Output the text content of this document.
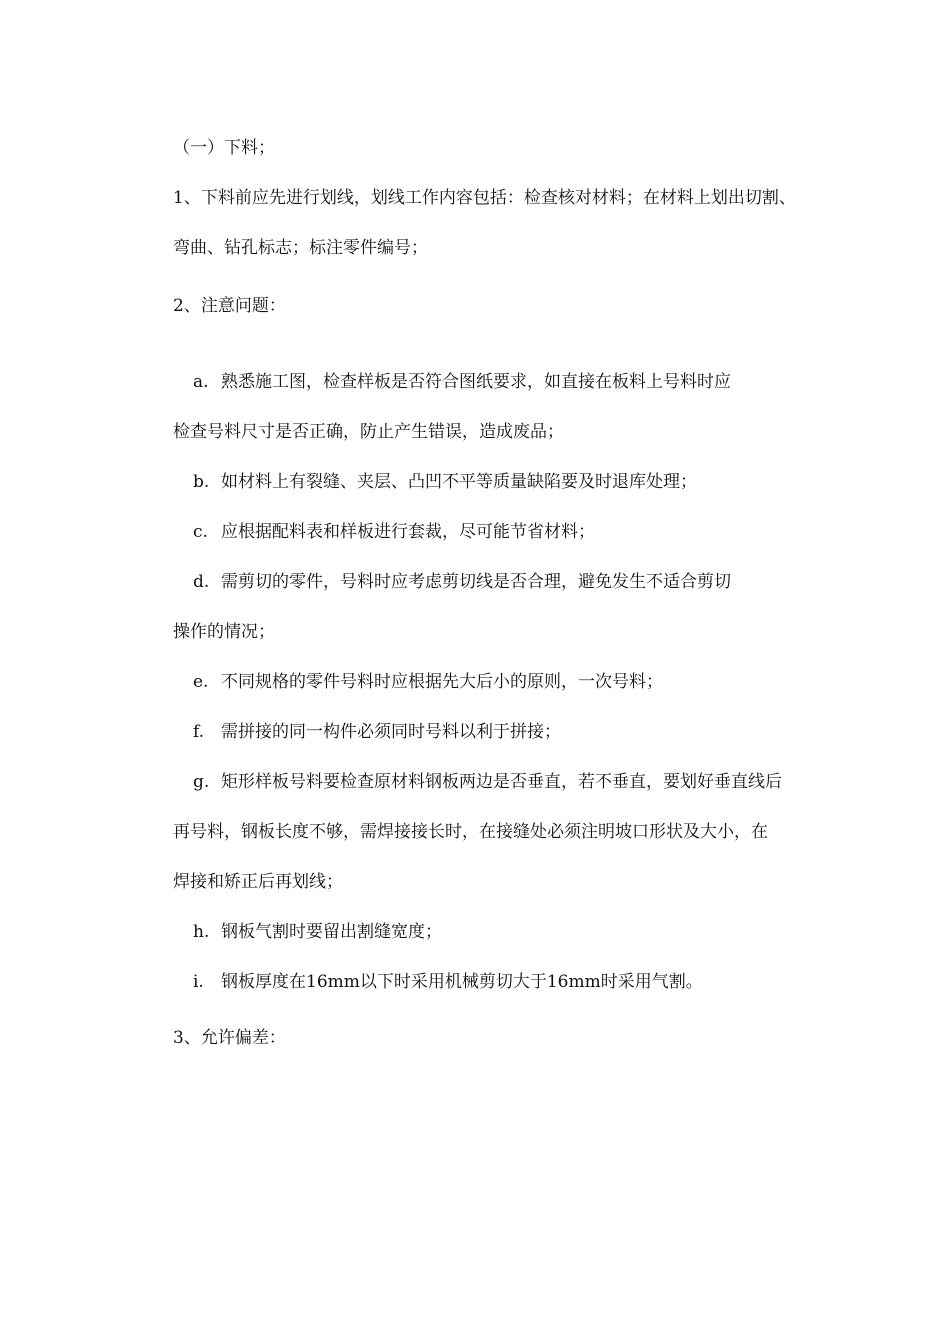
（一）下料；
1、下料前应先进行划线，划线工作内容包括：检查核对材料；在材料上划出切割、
弯曲、钻孔标志；标注零件编号；
2、注意问题：
a. 熟悉施工图，检查样板是否符合图纸要求，如直接在板料上号料时应
检查号料尺寸是否正确，防止产生错误，造成废品；
b. 如材料上有裂缝、夹层、凸凹不平等质量缺陷要及时退库处理；
c. 应根据配料表和样板进行套裁，尽可能节省材料；
d. 需剪切的零件，号料时应考虑剪切线是否合理，避免发生不适合剪切
操作的情况；
e. 不同规格的零件号料时应根据先大后小的原则，一次号料；
f. 需拼接的同一构件必须同时号料以利于拼接；
g. 矩形样板号料要检查原材料钢板两边是否垂直，若不垂直，要划好垂直线后
再号料，钢板长度不够，需焊接接长时，在接缝处必须注明坡口形状及大小，在
焊接和矫正后再划线；
h. 钢板气割时要留出割缝宽度；
i. 钢板厚度在16mm以下时采用机械剪切大于16mm时采用气割。
3、允许偏差：
